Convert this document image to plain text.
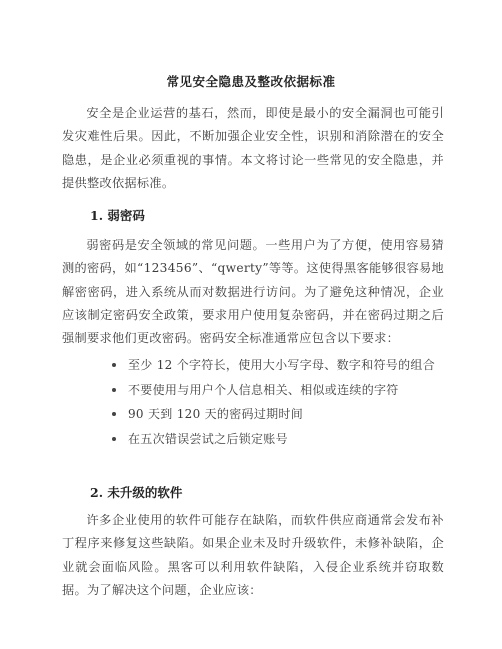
常见安全隐患及整改依据标准

安全是企业运营的基石，然而，即使是最小的安全漏洞也可能引发灾难性后果。因此，不断加强企业安全性，识别和消除潜在的安全隐患，是企业必须重视的事情。本文将讨论一些常见的安全隐患，并提供整改依据标准。

1. 弱密码

弱密码是安全领域的常见问题。一些用户为了方便，使用容易猜测的密码，如“123456”、“qwerty”等等。这使得黑客能够很容易地解密密码，进入系统从而对数据进行访问。为了避免这种情况，企业应该制定密码安全政策，要求用户使用复杂密码，并在密码过期之后强制要求他们更改密码。密码安全标准通常应包含以下要求：

至少 12 个字符长，使用大小写字母、数字和符号的组合
不要使用与用户个人信息相关、相似或连续的字符
90 天到 120 天的密码过期时间
在五次错误尝试之后锁定账号
2. 未升级的软件

许多企业使用的软件可能存在缺陷，而软件供应商通常会发布补丁程序来修复这些缺陷。如果企业未及时升级软件，未修补缺陷，企业就会面临风险。黑客可以利用软件缺陷，入侵企业系统并窃取数据。为了解决这个问题，企业应该：
